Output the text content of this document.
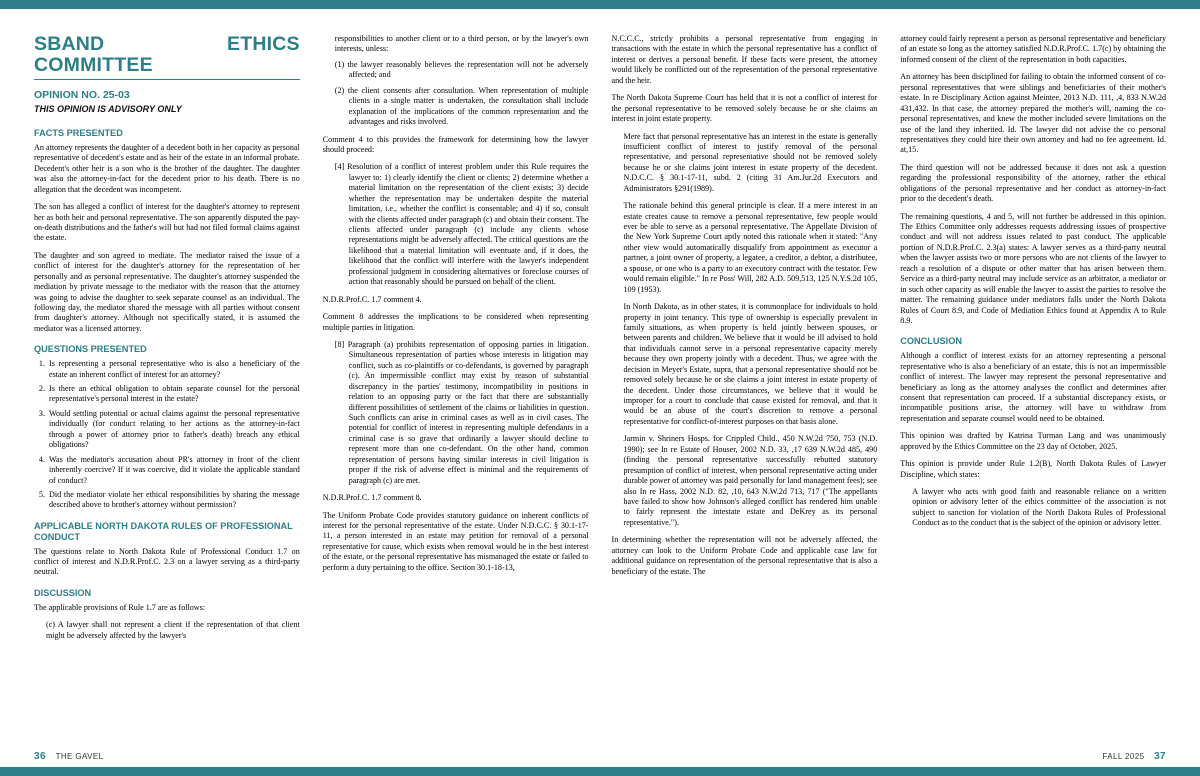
SBAND ETHICS COMMITTEE
OPINION NO. 25-03
THIS OPINION IS ADVISORY ONLY
FACTS PRESENTED

An attorney represents the daughter of a decedent both in her capacity as personal representative of decedent's estate and as heir of the estate in an informal probate. Decedent's other heir is a son who is the brother of the daughter. The daughter was also the attorney-in-fact for the decedent prior to his death. There is no allegation that the decedent was incompetent.

The son has alleged a conflict of interest for the daughter's attorney to represent her as both heir and personal representative. The son apparently disputed the pay-on-death distributions and the father's will but had not filed formal claims against the estate.

The daughter and son agreed to mediate. The mediator raised the issue of a conflict of interest for the daughter's attorney for the representation of her personally and as personal representative. The daughter's attorney suspended the mediation by private message to the mediator with the reason that the attorney was going to advise the daughter to seek separate counsel as an individual. The following day, the mediator shared the message with all parties without consent from daughter's attorney. Although not specifically stated, it is assumed the mediator was a licensed attorney.

QUESTIONS PRESENTED
1. Is representing a personal representative who is also a beneficiary of the estate an inherent conflict of interest for an attorney?
2. Is there an ethical obligation to obtain separate counsel for the personal representative's personal interest in the estate?
3. Would settling potential or actual claims against the personal representative individually (for conduct relating to her actions as the attorney-in-fact through a power of attorney prior to father's death) breach any ethical obligations?
4. Was the mediator's accusation about PR's attorney in front of the client inherently coercive? If it was coercive, did it violate the applicable standard of conduct?
5. Did the mediator violate her ethical responsibilities by sharing the message described above to brother's attorney without permission?
APPLICABLE NORTH DAKOTA RULES OF PROFESSIONAL CONDUCT

The questions relate to North Dakota Rule of Professional Conduct 1.7 on conflict of interest and N.D.R.Prof.C. 2.3 on a lawyer serving as a third-party neutral.

DISCUSSION

The applicable provisions of Rule 1.7 are as follows:

(c) A lawyer shall not represent a client if the representation of that client might be adversely affected by the lawyer's

responsibilities to another client or to a third person, or by the lawyer's own interests, unless:

(1) the lawyer reasonably believes the representation will not be adversely affected; and

(2) the client consents after consultation. When representation of multiple clients in a single matter is undertaken, the consultation shall include explanation of the implications of the common representation and the advantages and risks involved.

Comment 4 to this provides the framework for determining how the lawyer should proceed:

[4] Resolution of a conflict of interest problem under this Rule requires the lawyer to: 1) clearly identify the client or clients; 2) determine whether a material limitation on the representation of the client exists; 3) decide whether the representation may be undertaken despite the material limitation, i.e., whether the conflict is consentable; and 4) if so, consult with the clients affected under paragraph (c) and obtain their consent. The clients affected under paragraph (c) include any clients whose representations might be adversely affected. The critical questions are the likelihood that a material limitation will eventuate and, if it does, the likelihood that the conflict will interfere with the lawyer's independent professional judgment in considering alternatives or foreclose courses of action that reasonably should be pursued on behalf of the client.

N.D.R.Prof.C. 1.7 comment 4.

Comment 8 addresses the implications to be considered when representing multiple parties in litigation.

[8] Paragraph (a) prohibits representation of opposing parties in litigation. Simultaneous representation of parties whose interests in litigation may conflict, such as co-plaintiffs or co-defendants, is governed by paragraph (c). An impermissible conflict may exist by reason of substantial discrepancy in the parties' testimony, incompatibility in positions in relation to an opposing party or the fact that there are substantially different possibilities of settlement of the claims or liabilities in question. Such conflicts can arise in criminal cases as well as in civil cases. The potential for conflict of interest in representing multiple defendants in a criminal case is so grave that ordinarily a lawyer should decline to represent more than one co-defendant. On the other hand, common representation of persons having similar interests in civil litigation is proper if the risk of adverse effect is minimal and the requirements of paragraph (c) are met.

N.D.R.Prof.C. 1.7 comment 8.

The Uniform Probate Code provides statutory guidance on inherent conflicts of interest for the personal representative of the estate. Under N.D.C.C. § 30.1-17-11, a person interested in an estate may petition for removal of a personal representative for cause, which exists when removal would be in the best interest of the estate, or the personal representative has mismanaged the estate or failed to perform a duty pertaining to the office. Section 30.1-18-13,

N.C.C.C., strictly prohibits a personal representative from engaging in transactions with the estate in which the personal representative has a conflict of interest or derives a personal benefit. If these facts were present, the attorney would likely be conflicted out of the representation of the personal representative and the heir.

The North Dakota Supreme Court has held that it is not a conflict of interest for the personal representative to be removed solely because he or she claims an interest in joint estate property.

Mere fact that personal representative has an interest in the estate is generally insufficient conflict of interest to justify removal of the personal representative, and personal representative should not be removed solely because he or she claims joint interest in estate property of the decedent. N.D.C.C. § 30.1-17-11, subd. 2 (citing 31 Am.Jur.2d Executors and Administrators §291(1989).

The rationale behind this general principle is clear. If a mere interest in an estate creates cause to remove a personal representative, few people would ever be able to serve as a personal representative. The Appellate Division of the New York Supreme Court aptly noted this rationale when it stated: "Any other view would automatically disqualify from appointment as executor a partner, a joint owner of property, a legatee, a creditor, a debtor, a distributee, a spouse, or one who is a party to an executory contract with the testator. Few would remain eligible." In re Poss' Will, 282 A.D. 509,513, 125 N.Y.S.2d 105, 109 (1953).

In North Dakota, as in other states, it is commonplace for individuals to hold property in joint tenancy. This type of ownership is especially prevalent in family situations, as when property is held jointly between spouses, or between parents and children. We believe that it would be ill advised to hold that individuals cannot serve in a personal representative capacity merely because they own property jointly with a decedent. Thus, we agree with the decision in Meyer's Estate, supra, that a personal representative should not be removed solely because he or she claims a joint interest in estate property of the decedent. Under those circumstances, we believe that it would be improper for a court to conclude that cause existed for removal, and that it would be an abuse of the court's discretion to remove a personal representative for conflict-of-interest purposes on that basis alone.

Jarmin v. Shriners Hosps. for Crippled Child., 450 N.W.2d 750, 753 (N.D. 1990); see In re Estate of Houser, 2002 N.D. 33, ,17 639 N.W.2d 485, 490 (finding the personal representative successfully rebutted statutory presumption of conflict of interest, when personal representative acting under durable power of attorney was paid personally for land management fees); see also In re Hass, 2002 N.D. 82, ,10, 643 N.W.2d 713, 717 ("The appellants have failed to show how Johnson's alleged conflict has rendered him unable to fairly represent the intestate estate and DeKrey as its personal representative.").

In determining whether the representation will not be adversely affected, the attorney can look to the Uniform Probate Code and applicable case law for additional guidance on representation of the personal representative that is also a beneficiary of the estate. The

attorney could fairly represent a person as personal representative and beneficiary of an estate so long as the attorney satisfied N.D.R.Prof.C. 1.7(c) by obtaining the informed consent of the client of the representation in both capacities.

An attorney has been disciplined for failing to obtain the informed consent of co-personal representatives that were siblings and beneficiaries of their mother's estate. In re Disciplinary Action against Meintee, 2013 N.D. 111, ,4, 833 N.W.2d 431,432. In that case, the attorney prepared the mother's will, naming the co-personal representatives, and knew the mother included severe limitations on the use of the land they inherited. Id. The lawyer did not advise the co personal representatives they could hire their own attorney and had no fee agreement. Id. at,15.

The third question will not be addressed because it does not ask a question regarding the professional responsibility of the attorney, rather the ethical obligations of the personal representative and her conduct as attorney-in-fact prior to the decedent's death.

The remaining questions, 4 and 5, will not further be addressed in this opinion. The Ethics Committee only addresses requests addressing issues of prospective conduct and will not address issues related to past conduct. The applicable portion of N.D.R.Prof.C. 2.3(a) states: A lawyer serves as a third-party neutral when the lawyer assists two or more persons who are not clients of the lawyer to reach a resolution of a dispute or other matter that has arisen between them. Service as a third-party neutral may include service as an arbitrator, a mediator or in such other capacity as will enable the lawyer to assist the parties to resolve the matter. The remaining guidance under mediators falls under the North Dakota Rules of Court 8.9, and Code of Mediation Ethics found at Appendix A to Rule 8.9.

CONCLUSION

Although a conflict of interest exists for an attorney representing a personal representative who is also a beneficiary of an estate, this is not an impermissible conflict of interest. The lawyer may represent the personal representative and beneficiary as long as the attorney analyses the conflict and determines after consent that representation can proceed. If a substantial discrepancy exists, or incompatible positions arise, the attorney will have to withdraw from representation and separate counsel would need to be obtained.

This opinion was drafted by Katrina Turman Lang and was unanimously approved by the Ethics Committee on the 23 day of October, 2025.

This opinion is provide under Rule 1.2(B), North Dakota Rules of Lawyer Discipline, which states:

A lawyer who acts with good faith and reasonable reliance on a written opinion or advisory letter of the ethics committee of the association is not subject to sanction for violation of the North Dakota Rules of Professional Conduct as to the conduct that is the subject of the opinion or advisory letter.

36 THE GAVEL	FALL 2025 37
